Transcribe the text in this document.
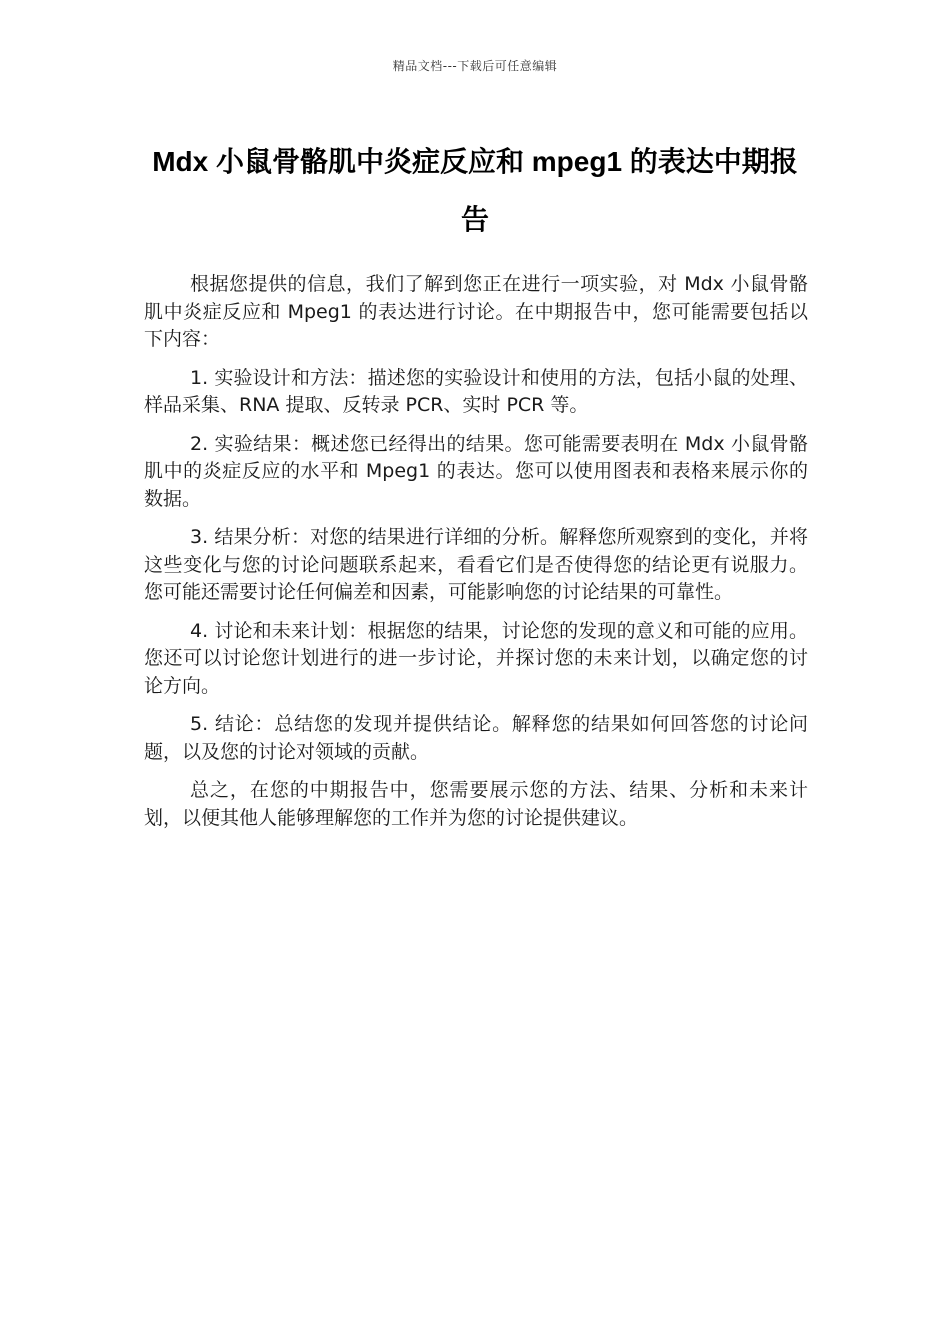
精品文档---下载后可任意编辑
Mdx 小鼠骨骼肌中炎症反应和 mpeg1 的表达中期报告

根据您提供的信息，我们了解到您正在进行一项实验，对 Mdx 小鼠骨骼肌中炎症反应和 Mpeg1 的表达进行讨论。在中期报告中，您可能需要包括以下内容：

1. 实验设计和方法：描述您的实验设计和使用的方法，包括小鼠的处理、样品采集、RNA 提取、反转录 PCR、实时 PCR 等。

2. 实验结果：概述您已经得出的结果。您可能需要表明在 Mdx 小鼠骨骼肌中的炎症反应的水平和 Mpeg1 的表达。您可以使用图表和表格来展示你的数据。

3. 结果分析：对您的结果进行详细的分析。解释您所观察到的变化，并将这些变化与您的讨论问题联系起来，看看它们是否使得您的结论更有说服力。您可能还需要讨论任何偏差和因素，可能影响您的讨论结果的可靠性。

4. 讨论和未来计划：根据您的结果，讨论您的发现的意义和可能的应用。您还可以讨论您计划进行的进一步讨论，并探讨您的未来计划，以确定您的讨论方向。

5. 结论：总结您的发现并提供结论。解释您的结果如何回答您的讨论问题，以及您的讨论对领域的贡献。

总之，在您的中期报告中，您需要展示您的方法、结果、分析和未来计划，以便其他人能够理解您的工作并为您的讨论提供建议。
